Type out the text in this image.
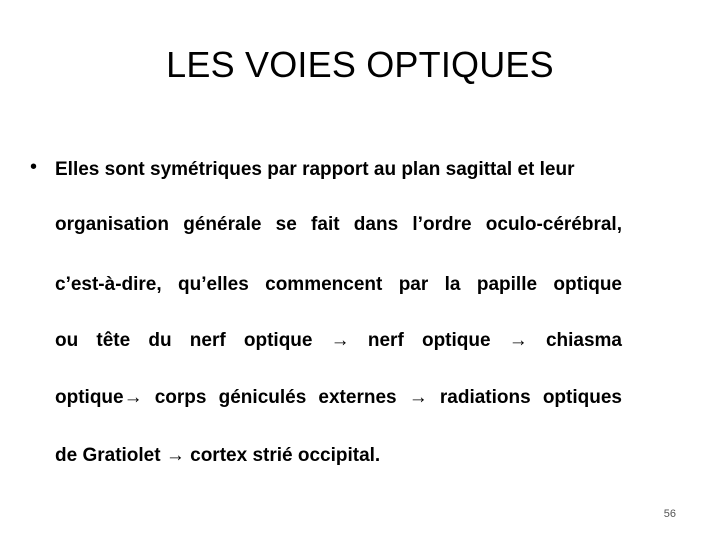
LES VOIES OPTIQUES
• Elles sont symétriques par rapport au plan sagittal et leur
organisation générale se fait dans l’ordre oculo-cérébral,
c’est-à-dire, qu’elles commencent par la papille optique
ou tête du nerf optique → nerf optique → chiasma
optique→ corps géniculés externes → radiations optiques
de Gratiolet → cortex strié occipital.
56
